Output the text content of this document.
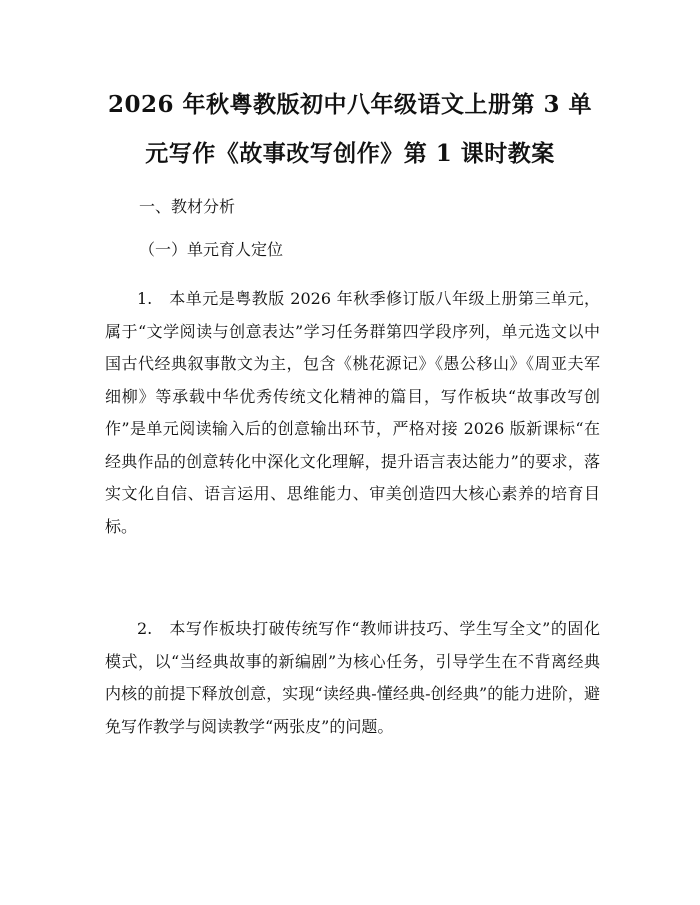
2026 年秋粤教版初中八年级语文上册第 3 单
元写作《故事改写创作》第 1 课时教案
一、教材分析
（一）单元育人定位

1.　本单元是粤教版 2026 年秋季修订版八年级上册第三单元，属于“文学阅读与创意表达”学习任务群第四学段序列，单元选文以中国古代经典叙事散文为主，包含《桃花源记》《愚公移山》《周亚夫军细柳》等承载中华优秀传统文化精神的篇目，写作板块“故事改写创作”是单元阅读输入后的创意输出环节，严格对接 2026 版新课标“在经典作品的创意转化中深化文化理解，提升语言表达能力”的要求，落实文化自信、语言运用、思维能力、审美创造四大核心素养的培育目标。

2.　本写作板块打破传统写作“教师讲技巧、学生写全文”的固化模式，以“当经典故事的新编剧”为核心任务，引导学生在不背离经典内核的前提下释放创意，实现“读经典-懂经典-创经典”的能力进阶，避免写作教学与阅读教学“两张皮”的问题。
